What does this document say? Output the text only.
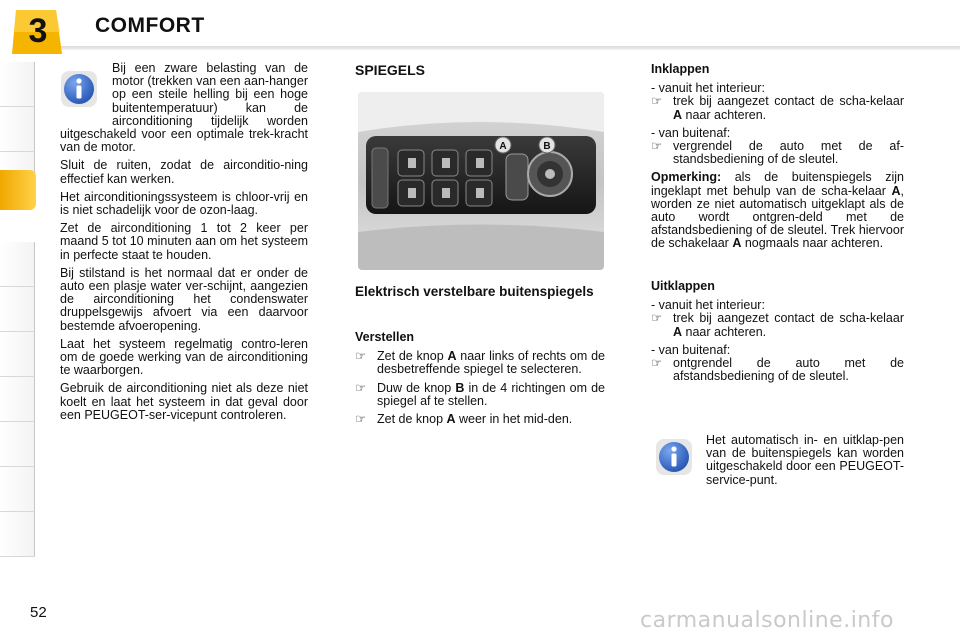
3	COMFORT

Bij een zware belasting van de motor (trekken van een aan-hanger op een steile helling bij een hoge buitentemperatuur) kan de airconditioning tijdelijk worden uitgeschakeld voor een optimale trek-kracht van de motor.

Sluit de ruiten, zodat de airconditio-ning effectief kan werken.

Het airconditioningssysteem is chloor-vrij en is niet schadelijk voor de ozon-laag.

Zet de airconditioning 1 tot 2 keer per maand 5 tot 10 minuten aan om het systeem in perfecte staat te houden.

Bij stilstand is het normaal dat er onder de auto een plasje water ver-schijnt, aangezien de airconditioning het condenswater druppelsgewijs afvoert via een daarvoor bestemde afvoeropening.

Laat het systeem regelmatig contro-leren om de goede werking van de airconditioning te waarborgen.

Gebruik de airconditioning niet als deze niet koelt en laat het systeem in dat geval door een PEUGEOT-ser-vicepunt controleren.

SPIEGELS
A	B
Elektrisch verstelbare buitenspiegels
Verstellen

☞ Zet de knop A naar links of rechts om de desbetreffende spiegel te selecteren.

☞ Duw de knop B in de 4 richtingen om de spiegel af te stellen.

☞ Zet de knop A weer in het mid-den.

Inklappen

- vanuit het interieur:

☞ trek bij aangezet contact de scha-kelaar A naar achteren.

- van buitenaf:

☞ vergrendel de auto met de af-standsbediening of de sleutel.

Opmerking: als de buitenspiegels zijn ingeklapt met behulp van de scha-kelaar A, worden ze niet automatisch uitgeklapt als de auto wordt ontgren-deld met de afstandsbediening of de sleutel. Trek hiervoor de schakelaar A nogmaals naar achteren.

Uitklappen

- vanuit het interieur:

☞ trek bij aangezet contact de scha-kelaar A naar achteren.

- van buitenaf:

☞ ontgrendel de auto met de afstandsbediening of de sleutel.

Het automatisch in- en uitklap-pen van de buitenspiegels kan worden uitgeschakeld door een PEUGEOT-service-punt.
52	carmanualsonline.info
